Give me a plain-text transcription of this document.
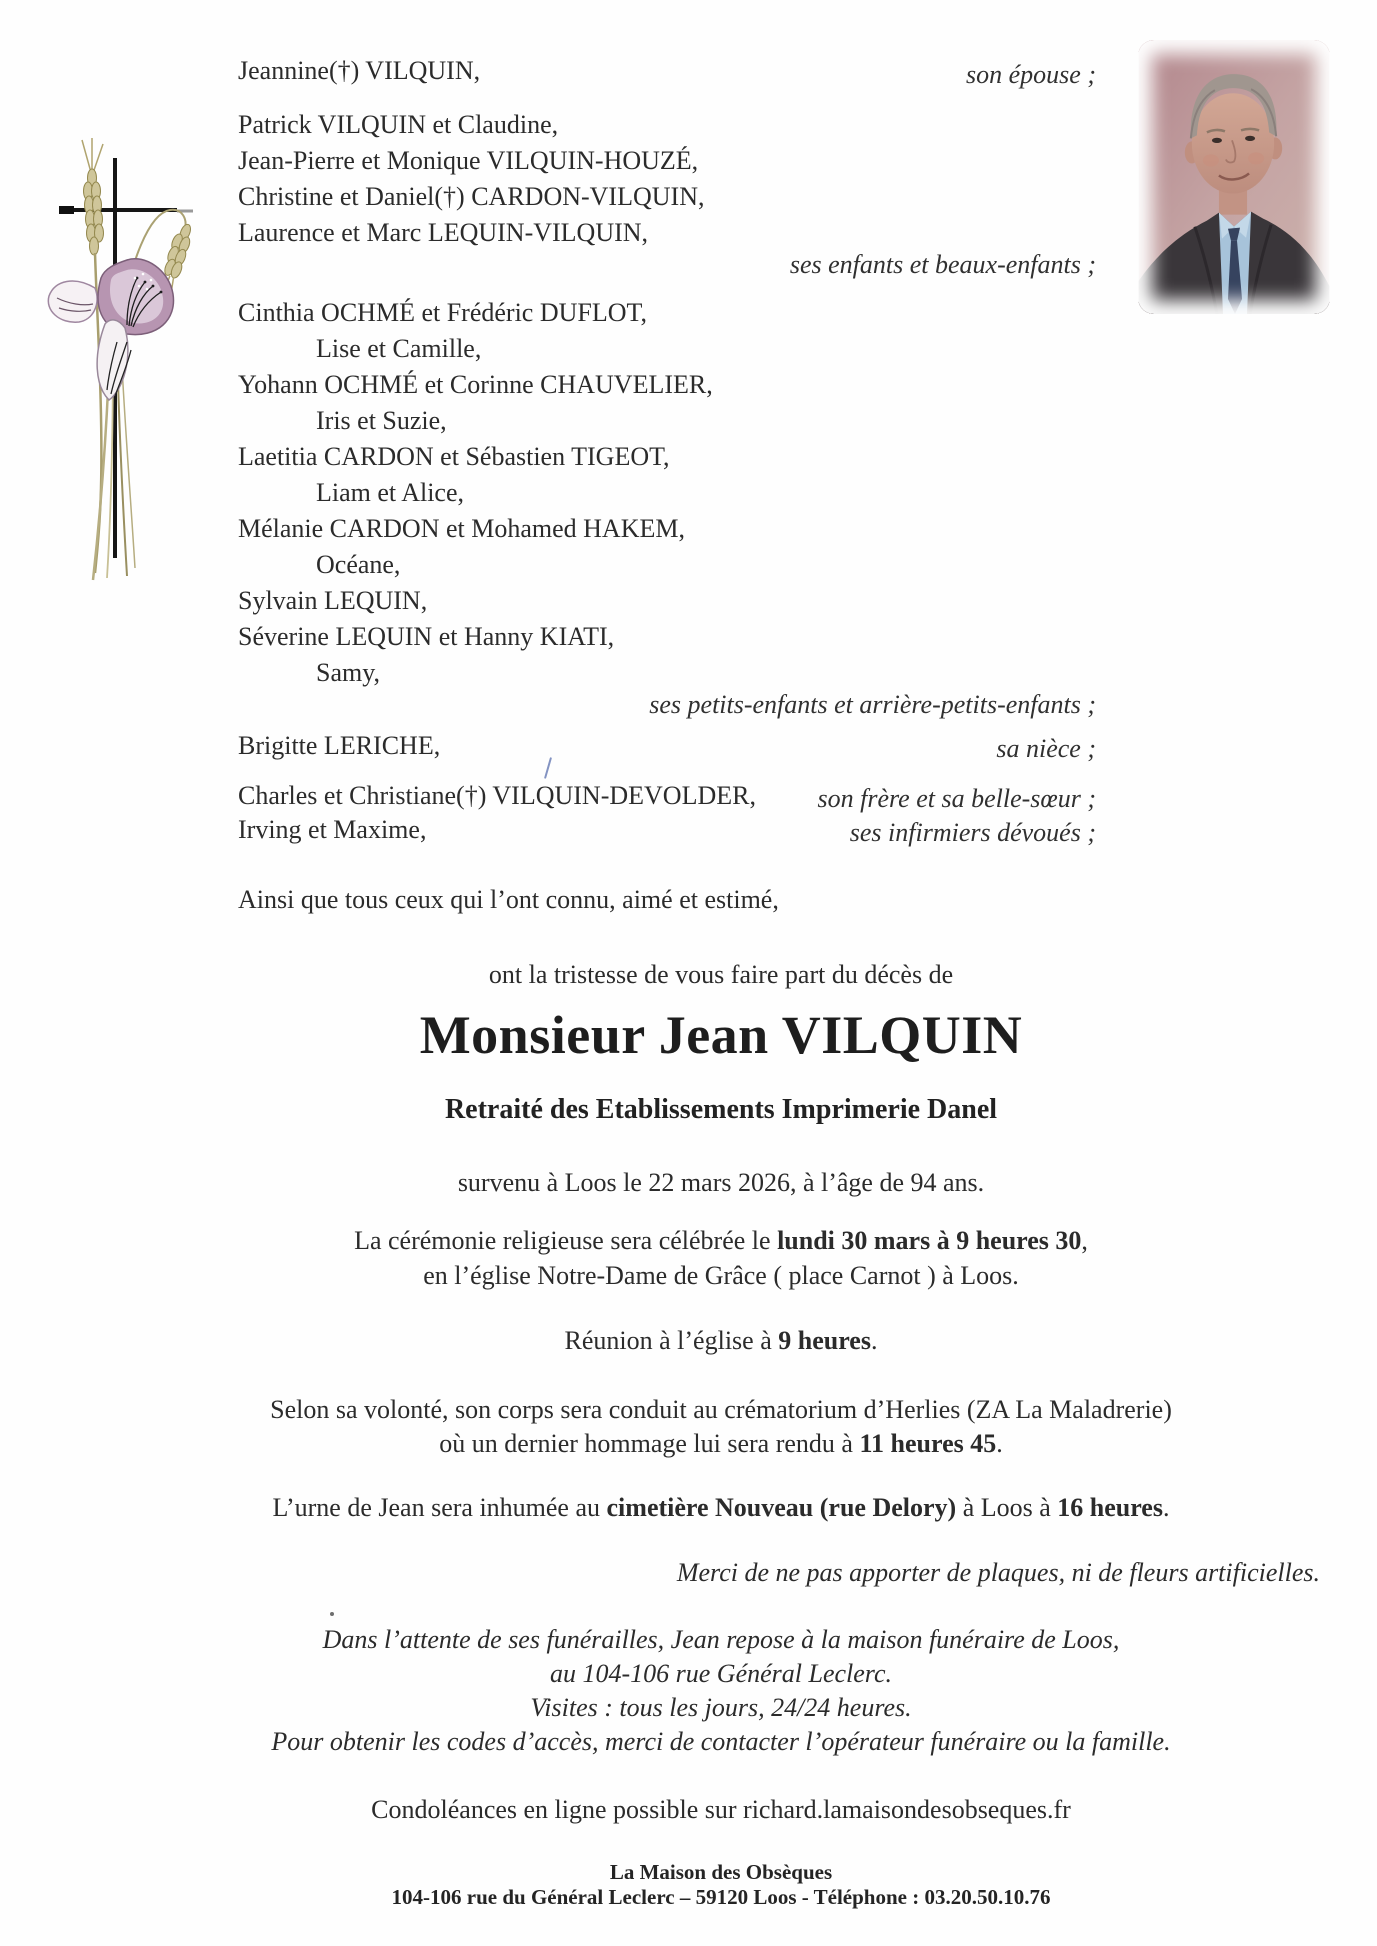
Jeannine(†) VILQUIN,	son épouse ;
Patrick VILQUIN et Claudine,
Jean-Pierre et Monique VILQUIN-HOUZÉ,
Christine et Daniel(†) CARDON-VILQUIN,
Laurence et Marc LEQUIN-VILQUIN,
ses enfants et beaux-enfants ;
Cinthia OCHMÉ et Frédéric DUFLOT,
Lise et Camille,
Yohann OCHMÉ et Corinne CHAUVELIER,
Iris et Suzie,
Laetitia CARDON et Sébastien TIGEOT,
Liam et Alice,
Mélanie CARDON et Mohamed HAKEM,
Océane,
Sylvain LEQUIN,
Séverine LEQUIN et Hanny KIATI,
Samy,
ses petits-enfants et arrière-petits-enfants ;
Brigitte LERICHE,	sa nièce ;
Charles et Christiane(†) VILQUIN-DEVOLDER, son frère et sa belle-sœur ;
Irving et Maxime,	ses infirmiers dévoués ;
Ainsi que tous ceux qui l’ont connu, aimé et estimé,
ont la tristesse de vous faire part du décès de
Monsieur Jean VILQUIN
Retraité des Etablissements Imprimerie Danel
survenu à Loos le 22 mars 2026, à l’âge de 94 ans.
La cérémonie religieuse sera célébrée le lundi 30 mars à 9 heures 30,
en l’église Notre-Dame de Grâce ( place Carnot ) à Loos.
Réunion à l’église à 9 heures.
Selon sa volonté, son corps sera conduit au crématorium d’Herlies (ZA La Maladrerie)
où un dernier hommage lui sera rendu à 11 heures 45.
L’urne de Jean sera inhumée au cimetière Nouveau (rue Delory) à Loos à 16 heures.
Merci de ne pas apporter de plaques, ni de fleurs artificielles.
Dans l’attente de ses funérailles, Jean repose à la maison funéraire de Loos,
au 104-106 rue Général Leclerc.
Visites : tous les jours, 24/24 heures.
Pour obtenir les codes d’accès, merci de contacter l’opérateur funéraire ou la famille.
Condoléances en ligne possible sur richard.lamaisondesobseques.fr
La Maison des Obsèques
104-106 rue du Général Leclerc – 59120 Loos - Téléphone : 03.20.50.10.76
